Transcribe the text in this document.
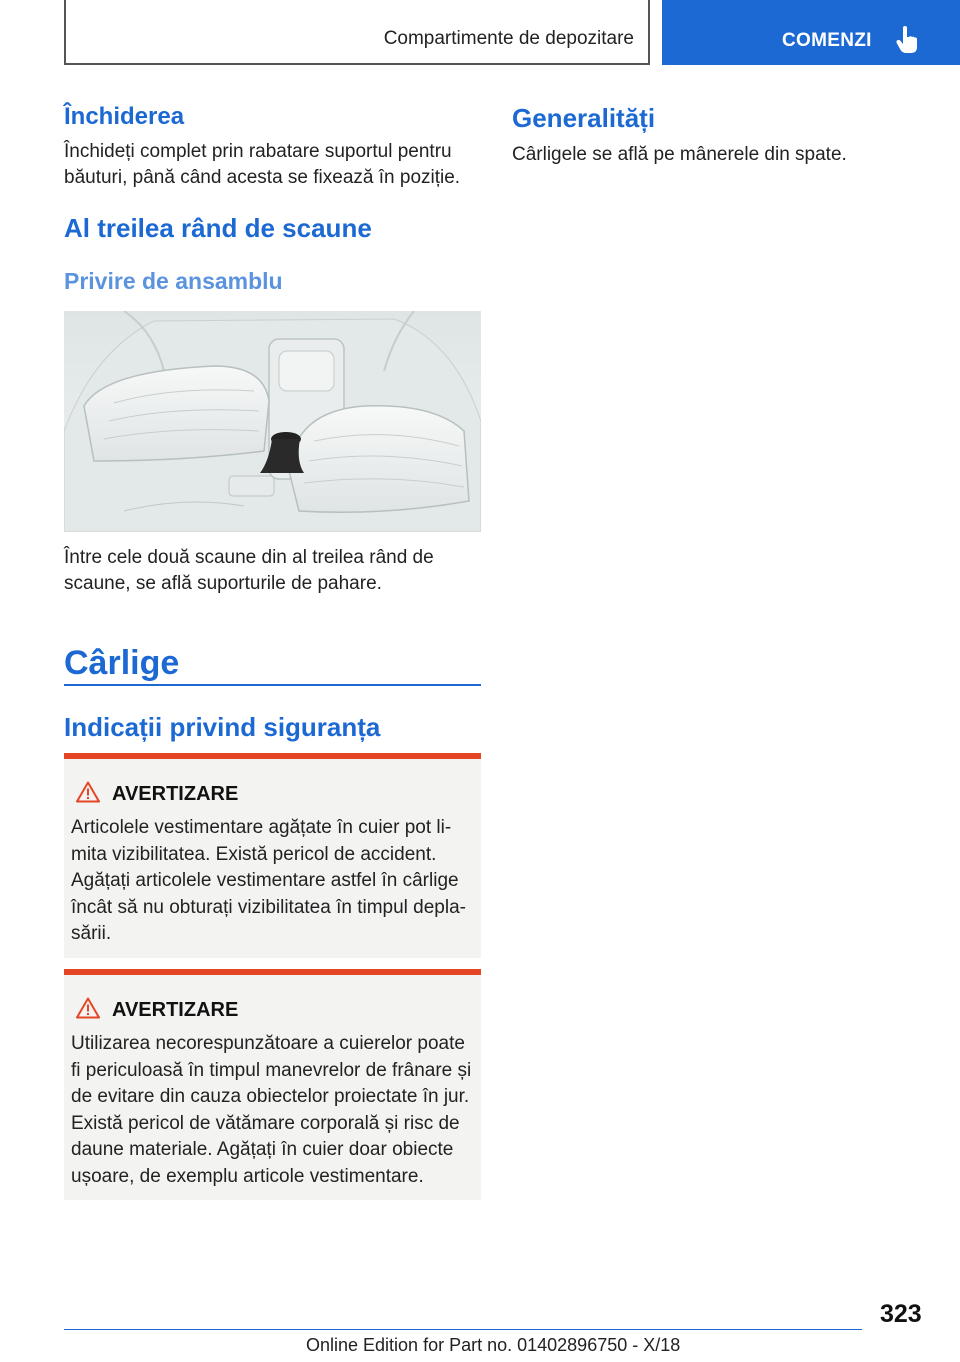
Compartimente de depozitare	COMENZI
Închiderea
Închideți complet prin rabatare suportul pentru
băuturi, până când acesta se fixează în poziție.
Al treilea rând de scaune
Privire de ansamblu
Între cele două scaune din al treilea rând de
scaune, se află suporturile de pahare.
Cârlige
Indicații privind siguranța
AVERTIZARE
Articolele vestimentare agățate în cuier pot li-
mita vizibilitatea. Există pericol de accident.
Agățați articolele vestimentare astfel în cârlige
încât să nu obturați vizibilitatea în timpul depla-
sării.
AVERTIZARE
Utilizarea necorespunzătoare a cuierelor poate
fi periculoasă în timpul manevrelor de frânare și
de evitare din cauza obiectelor proiectate în jur.
Există pericol de vătămare corporală și risc de
daune materiale. Agățați în cuier doar obiecte
ușoare, de exemplu articole vestimentare.
Generalități
Cârligele se află pe mânerele din spate.
323
Online Edition for Part no. 01402896750 - X/18
